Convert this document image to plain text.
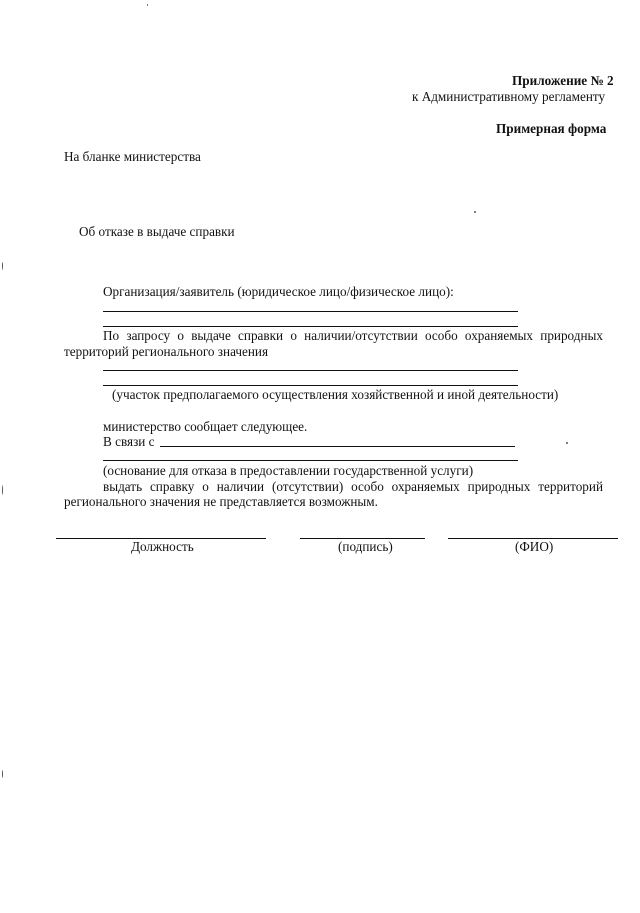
Приложение № 2
к Административному регламенту
Примерная форма
На бланке министерства
Об отказе в выдаче справки
Организация/заявитель (юридическое лицо/физическое лицо):
По запросу о выдаче справки о наличии/отсутствии особо охраняемых природных
территорий регионального значения
(участок предполагаемого осуществления хозяйственной и иной деятельности)
министерство сообщает следующее.
В связи с
(основание для отказа в предоставлении государственной услуги)
выдать справку о наличии (отсутствии) особо охраняемых природных территорий
регионального значения не представляется возможным.
Должность	(подпись)	(ФИО)
